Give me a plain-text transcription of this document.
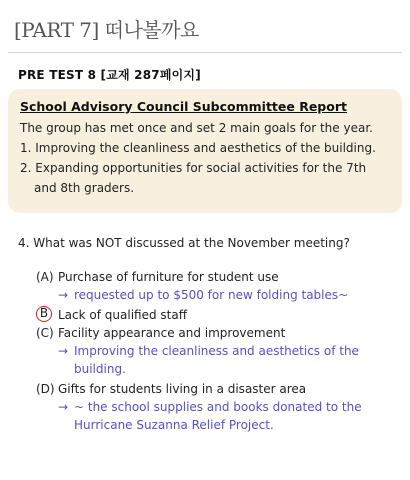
[PART 7] 떠나볼까요
PRE TEST 8 [교재 287페이지]
School Advisory Council Subcommittee Report

The group has met once and set 2 main goals for the year.

1. Improving the cleanliness and aesthetics of the building.

2. Expanding opportunities for social activities for the 7th and 8th graders.

4. What was NOT discussed at the November meeting?
(A) Purchase of furniture for student use
→ requested up to $500 for new folding tables~
B Lack of qualified staff
(C) Facility appearance and improvement
→ Improving the cleanliness and aesthetics of the building.
(D) Gifts for students living in a disaster area
→ ~ the school supplies and books donated to the Hurricane Suzanna Relief Project.
